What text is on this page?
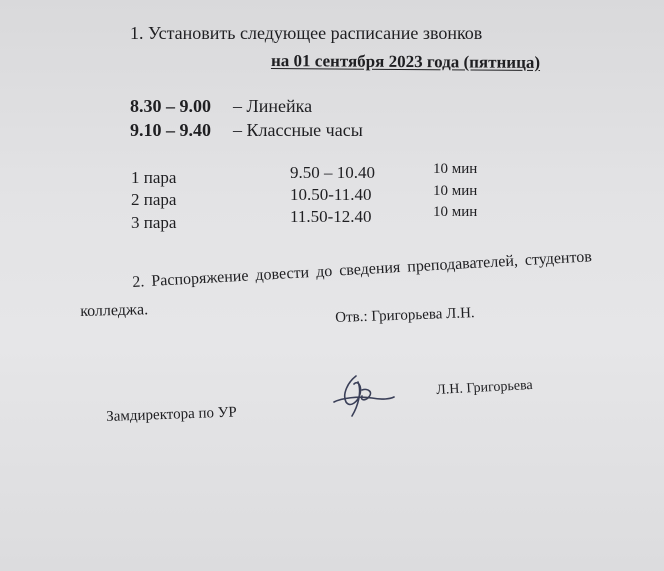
1. Установить следующее расписание звонков
на 01 сентября 2023 года (пятница)
8.30 – 9.00 – Линейка
9.10 – 9.40 – Классные часы
1 пара	9.50 – 10.40	10 мин
2 пара	10.50-11.40	10 мин
3 пара	11.50-12.40	10 мин
2. Распоряжение довести до сведения преподавателей, студентов
колледжа.	Отв.: Григорьева Л.Н.
Замдиректора по УР
Л.Н. Григорьева
